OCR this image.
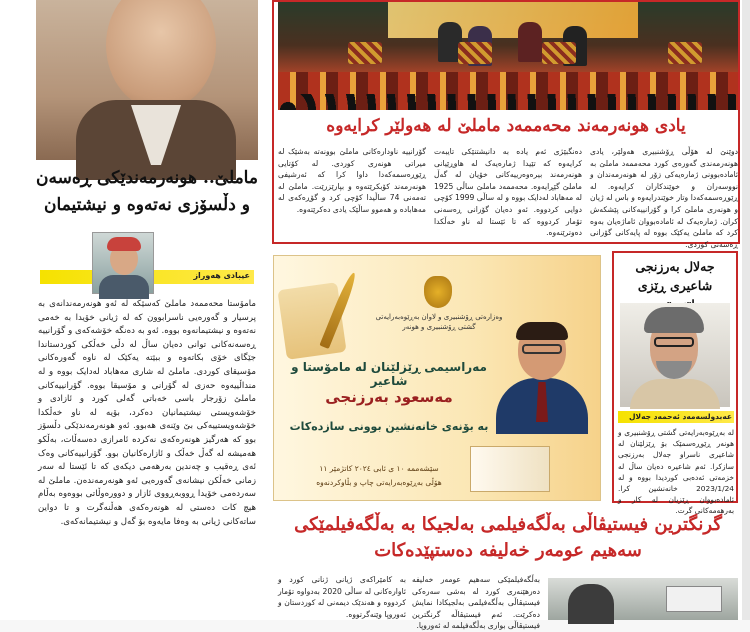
ماملێ.. هونەرمەندێکی ڕەسەن و دڵسۆزی نەتەوە و نیشتیمان
عیبادی هەوراز
مامۆستا محەممەد ماملێ کەسێکە لە ئەو هونەرمەندانەی بە پرسیار و گەورەیی ناسرابوون کە لە ژیانی خۆیدا بە خەمی نەتەوە و نیشتیمانەوە بووە. ئەو بە دەنگە خۆشەکەی و گۆرانییە ڕەسەنەکانی توانی دەیان ساڵ لە دڵی خەڵکی کوردستاندا جێگای خۆی بکاتەوە و ببێتە یەکێک لە ناوە گەورەکانی مۆسیقای کوردی. ماملێ لە شاری مەهاباد لەدایک بووە و لە منداڵییەوە حەزی لە گۆرانی و مۆسیقا بووە. گۆرانییەکانی ماملێ زۆرجار باسی خەباتی گەلی کورد و ئازادی و خۆشەویستی نیشتیمانیان دەکرد، بۆیە لە ناو خەڵکدا خۆشەویستییەکی بێ وێنەی هەبوو. ئەو هونەرمەندێکی دڵسۆز بوو کە هەرگیز هونەرەکەی نەکردە ئامرازی دەسەڵات، بەڵکو هەمیشە لە گەڵ خەڵک و ئازارەکانیان بوو. گۆرانییەکانی وەک ئەی ڕەقیب و چەندین بەرهەمی دیکەی کە تا ئێستا لە سەر زمانی خەڵکن نیشانەی گەورەیی ئەو هونەرمەندەن. ماملێ لە سەردەمی خۆیدا ڕووبەڕووی ئازار و دوورەوڵاتی بووەوە بەڵام هیچ کات دەستی لە هونەرەکەی هەڵنەگرت و تا دواین ساتەکانی ژیانی بە وەفا مایەوە بۆ گەل و نیشتیمانەکەی.
یادی هونەرمەند محەممەد ماملێ لە هەولێر کرایەوە

دوێنێ لە هۆڵی ڕۆشنبیری هەولێر، یادی هونەرمەندی گەورەی کورد محەممەد ماملێ بە ئامادەبوونی ژمارەیەکی زۆر لە هونەرمەندان و نووسەران و خوێندکاران کرایەوە. لە ڕێوڕەسمەکەدا وتار خوێندرایەوە و باس لە ژیان و هونەری ماملێ کرا و گۆرانییەکانی پێشکەش کران. ژمارەیەک لە ئامادەبووان ئاماژەیان بەوە کرد کە ماملێ یەکێک بووە لە پایەکانی گۆرانی ڕەسەنی کوردی.

دەنگبێژی ئەم یادە بە دانیشتنێکی تایبەت کرایەوە کە تێیدا ژمارەیەک لە هاوڕێیانی هونەرمەند بیرەوەرییەکانی خۆیان لە گەڵ ماملێ گێڕایەوە. محەممەد ماملێ ساڵی 1925 لە مەهاباد لەدایک بووە و لە ساڵی 1999 کۆچی دوایی کردووە. ئەو دەیان گۆرانی ڕەسەنی تۆمار کردووە کە تا ئێستا لە ناو خەڵکدا دەوترێنەوە.

گۆرانییە ناودارەکانی ماملێ بوونەتە بەشێک لە میراتی هونەری کوردی. لە کۆتایی ڕێوڕەسمەکەدا داوا کرا کە ئەرشیفی هونەرمەند کۆبکرێتەوە و بپارێزرێت. ماملێ لە تەمەنی 74 ساڵیدا کۆچی کرد و گۆڕەکەی لە مەهابادە و هەموو ساڵێک یادی دەکرێتەوە.

وەزارەتی ڕۆشنبیری و لاوان بەڕێوەبەرایەتی گشتی ڕۆشنبیری و هونەر
مەراسیمی ڕێزلێنان لە مامۆستا و شاعیر
مەسعود بەرزنجی
بە بۆنەی خانەنشین بوونی سازدەکات
سێشەممە ١٠ ی ئابی ٢٠٢٤ کاتژمێر ١١
هۆڵی بەڕێوەبەرایەتی چاپ و بڵاوکردنەوە
جەلال بەرزنجی شاعیری ڕێزی
عەبدولسەمەد ئەحمەد جەلال
لە بەڕێوەبەرایەتی گشتی ڕۆشنبیری و هونەر ڕێوڕەسمێک بۆ ڕێزلێنان لە شاعیری ناسراو جەلال بەرزنجی سازکرا. ئەم شاعیرە دەیان ساڵ لە خزمەتی ئەدەبی کوردیدا بووە و لە 2023/1/24 خانەنشین کرا. ئامادەبووان ڕێزیان لە کار و بەرهەمەکانی گرت.
گرنگترین فیستیڤاڵی بەڵگەفیلمی بەلجیکا بە بەڵگەفیلمێکی سەهیم عومەر خەلیفە دەستپێدەکات

بەڵگەفیلمێکی سەهیم عومەر خەلیفە دەرهێنەری کورد لە بەشی سەرەکی فیستیڤاڵی بەڵگەفیلمی بەلجیکادا نمایش دەکرێت. ئەم فیستیڤاڵە گرنگترین فیستیڤاڵی بواری بەڵگەفیلمە لە ئەوروپا.

بە کامێراکەی ژیانی ژنانی کورد و ئاوارەکانی لە ساڵی 2020 بەدواوە تۆمار کردووە و هەندێک دیمەنی لە کوردستان و ئەوروپا وێنەگرتووە.
